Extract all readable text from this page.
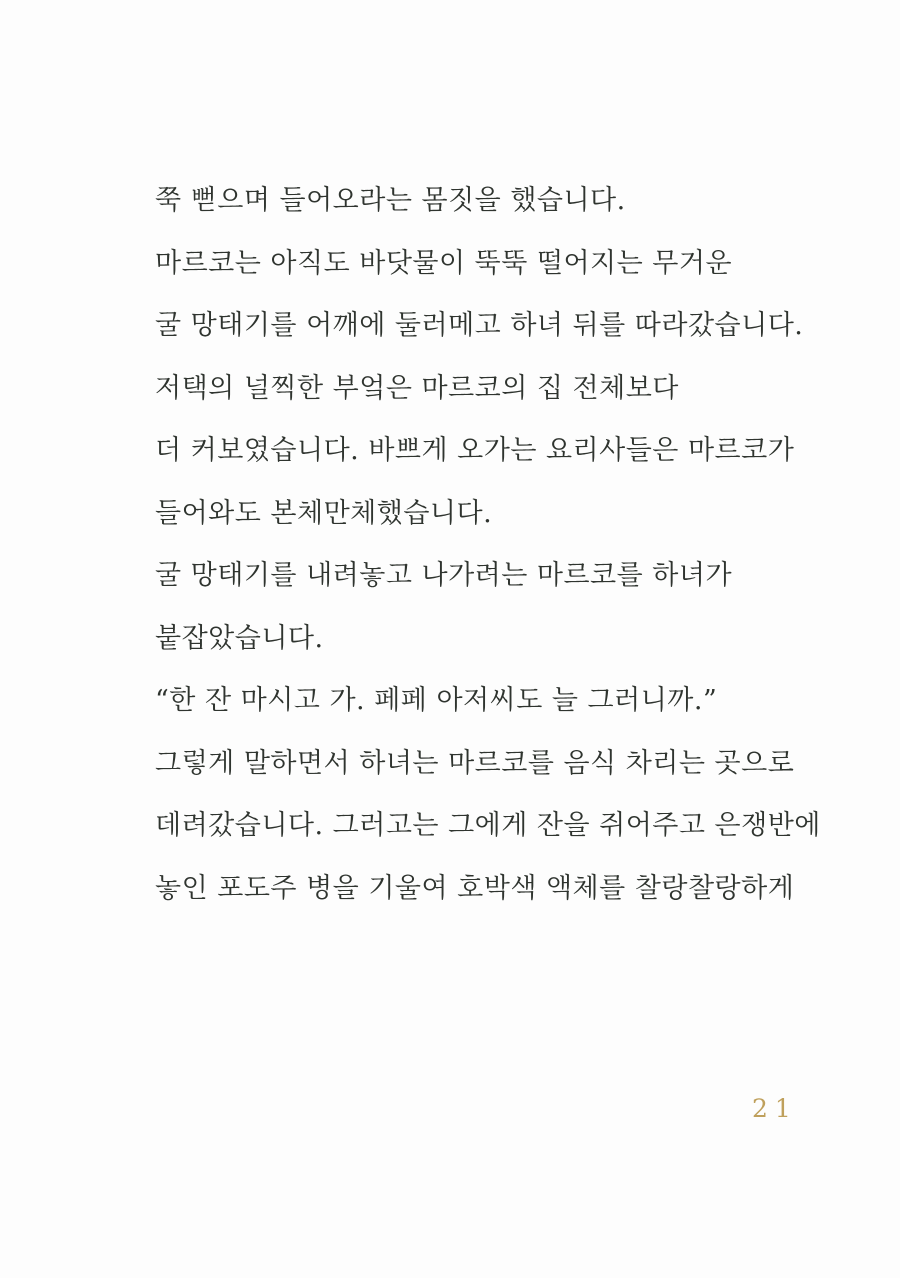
쭉 뻗으며 들어오라는 몸짓을 했습니다.

마르코는 아직도 바닷물이 뚝뚝 떨어지는 무거운

굴 망태기를 어깨에 둘러메고 하녀 뒤를 따라갔습니다.

저택의 널찍한 부엌은 마르코의 집 전체보다

더 커보였습니다. 바쁘게 오가는 요리사들은 마르코가

들어와도 본체만체했습니다.

굴 망태기를 내려놓고 나가려는 마르코를 하녀가

붙잡았습니다.

“한 잔 마시고 가. 페페 아저씨도 늘 그러니까.”

그렇게 말하면서 하녀는 마르코를 음식 차리는 곳으로

데려갔습니다. 그러고는 그에게 잔을 쥐어주고 은쟁반에

놓인 포도주 병을 기울여 호박색 액체를 찰랑찰랑하게

21
